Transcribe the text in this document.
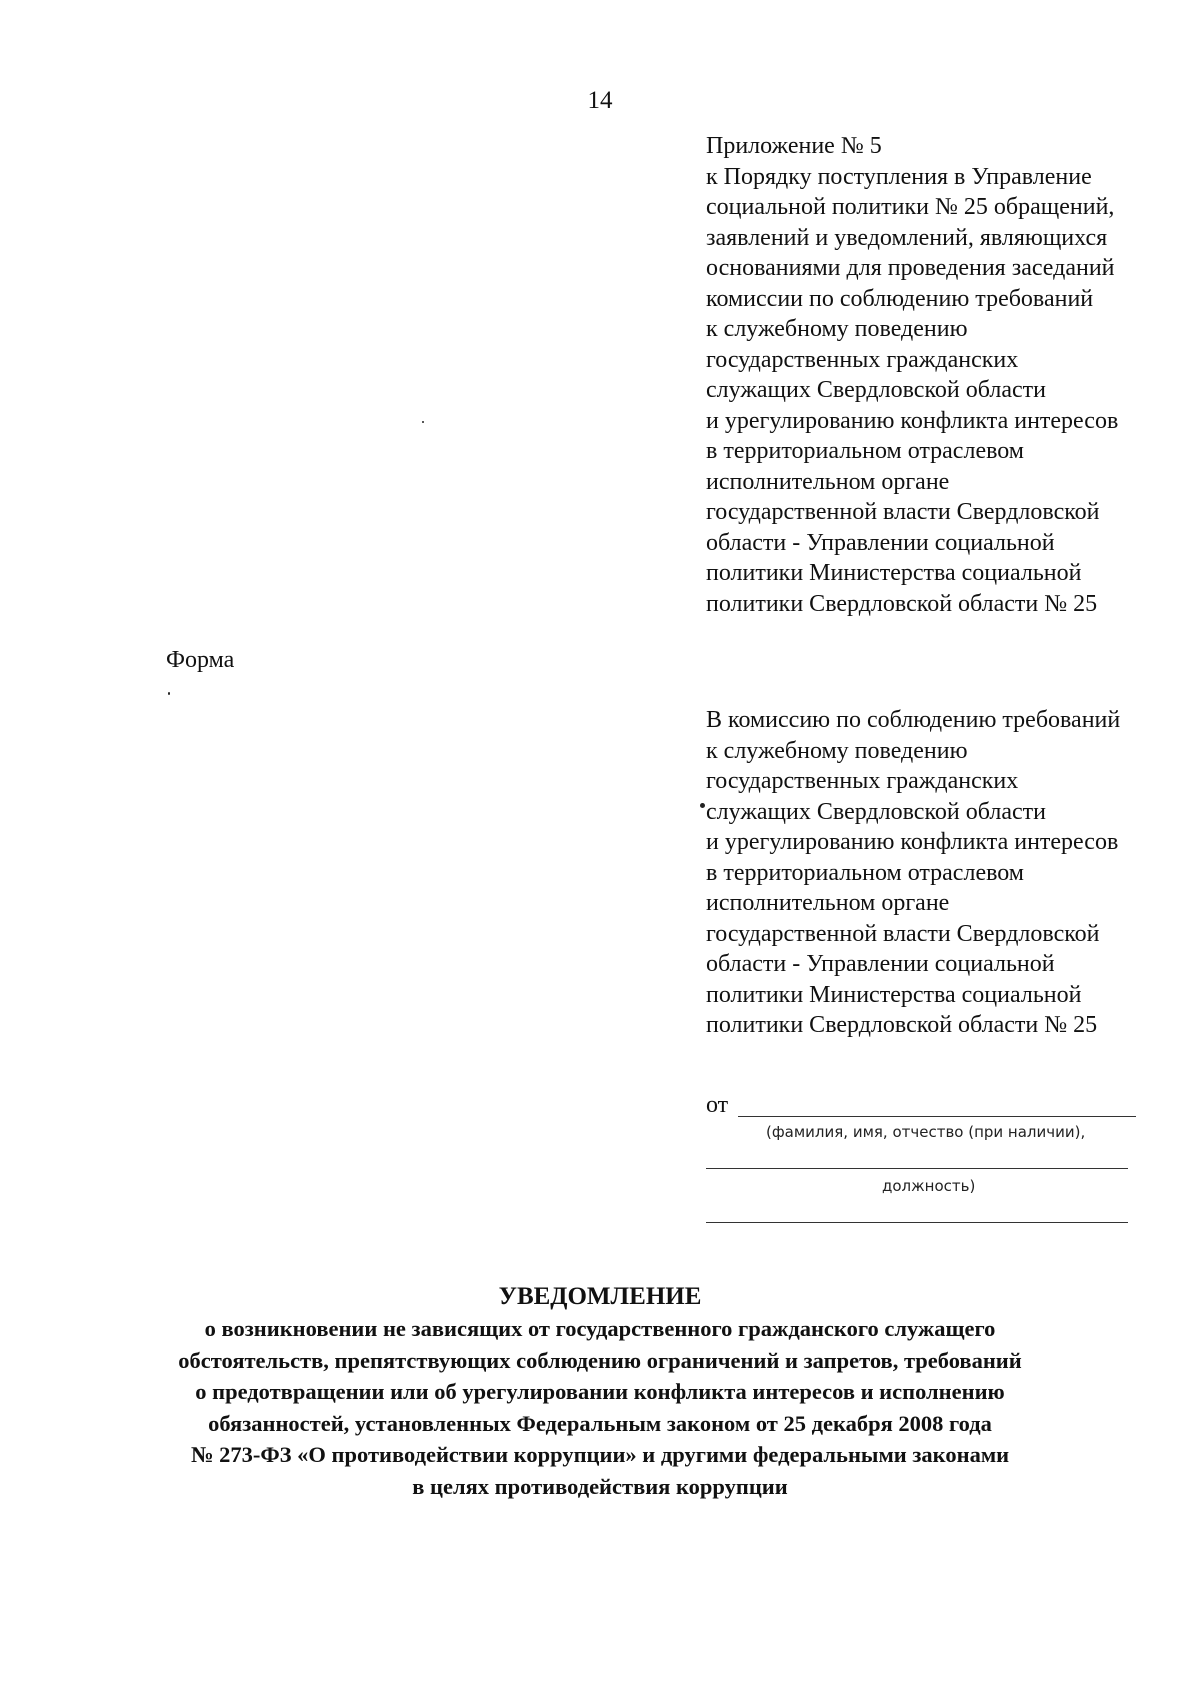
14
Приложение № 5
к Порядку поступления в Управление
социальной политики № 25 обращений,
заявлений и уведомлений, являющихся
основаниями для проведения заседаний
комиссии по соблюдению требований
к служебному поведению
государственных гражданских
служащих Свердловской области
и урегулированию конфликта интересов
в территориальном отраслевом
исполнительном органе
государственной власти Свердловской
области - Управлении социальной
политики Министерства социальной
политики Свердловской области № 25
Форма
В комиссию по соблюдению требований
к служебному поведению
государственных гражданских
служащих Свердловской области
и урегулированию конфликта интересов
в территориальном отраслевом
исполнительном органе
государственной власти Свердловской
области - Управлении социальной
политики Министерства социальной
политики Свердловской области № 25
от
(фамилия, имя, отчество (при наличии),
должность)
УВЕДОМЛЕНИЕ
о возникновении не зависящих от государственного гражданского служащего
обстоятельств, препятствующих соблюдению ограничений и запретов, требований
о предотвращении или об урегулировании конфликта интересов и исполнению
обязанностей, установленных Федеральным законом от 25 декабря 2008 года
№ 273-ФЗ «О противодействии коррупции» и другими федеральными законами
в целях противодействия коррупции
